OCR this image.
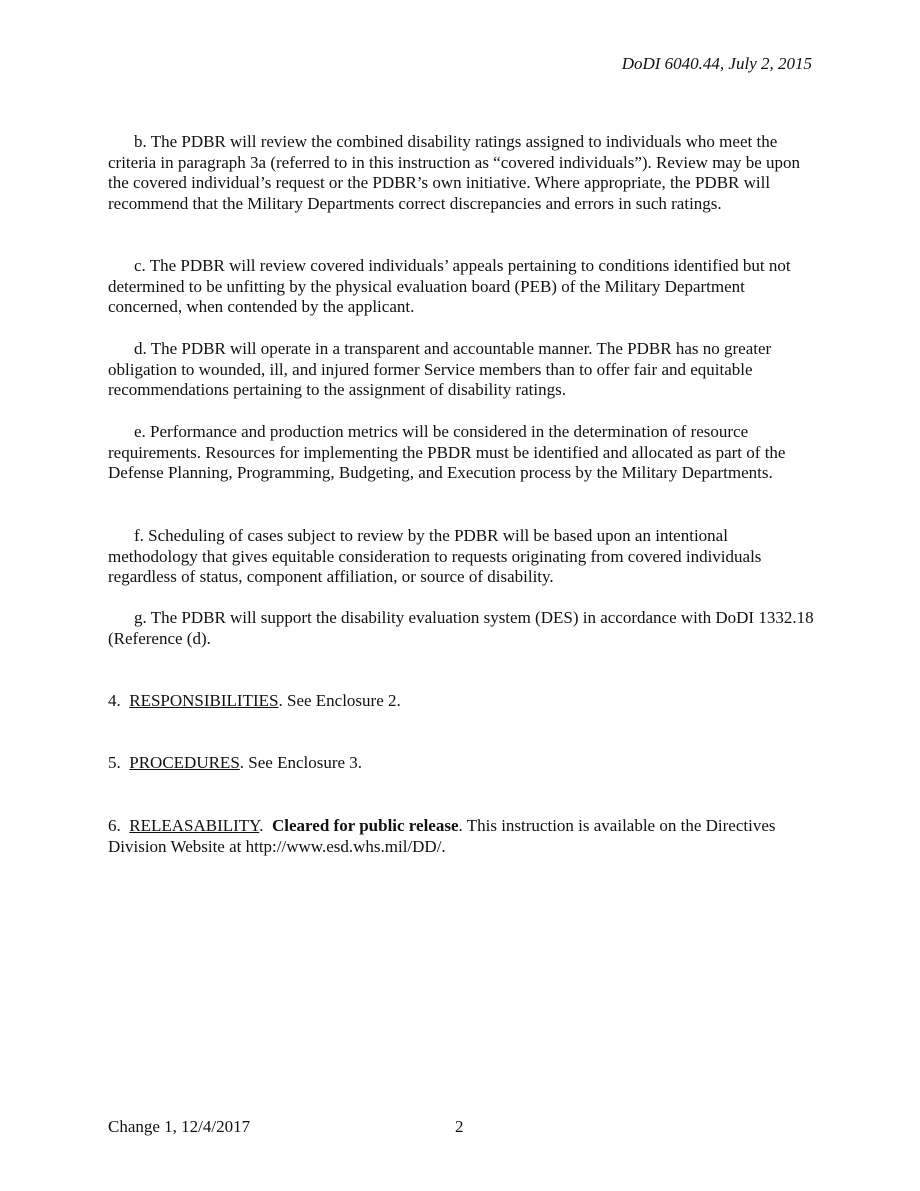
DoDI 6040.44, July 2, 2015

b. The PDBR will review the combined disability ratings assigned to individuals who meet the criteria in paragraph 3a (referred to in this instruction as “covered individuals”). Review may be upon the covered individual’s request or the PDBR’s own initiative. Where appropriate, the PDBR will recommend that the Military Departments correct discrepancies and errors in such ratings.

c. The PDBR will review covered individuals’ appeals pertaining to conditions identified but not determined to be unfitting by the physical evaluation board (PEB) of the Military Department concerned, when contended by the applicant.

d. The PDBR will operate in a transparent and accountable manner. The PDBR has no greater obligation to wounded, ill, and injured former Service members than to offer fair and equitable recommendations pertaining to the assignment of disability ratings.

e. Performance and production metrics will be considered in the determination of resource requirements. Resources for implementing the PBDR must be identified and allocated as part of the Defense Planning, Programming, Budgeting, and Execution process by the Military Departments.

f. Scheduling of cases subject to review by the PDBR will be based upon an intentional methodology that gives equitable consideration to requests originating from covered individuals regardless of status, component affiliation, or source of disability.

g. The PDBR will support the disability evaluation system (DES) in accordance with DoDI 1332.18 (Reference (d).

4. RESPONSIBILITIES. See Enclosure 2.

5. PROCEDURES. See Enclosure 3.

6. RELEASABILITY.  Cleared for public release. This instruction is available on the Directives Division Website at http://www.esd.whs.mil/DD/.

Change 1, 12/4/2017	2
